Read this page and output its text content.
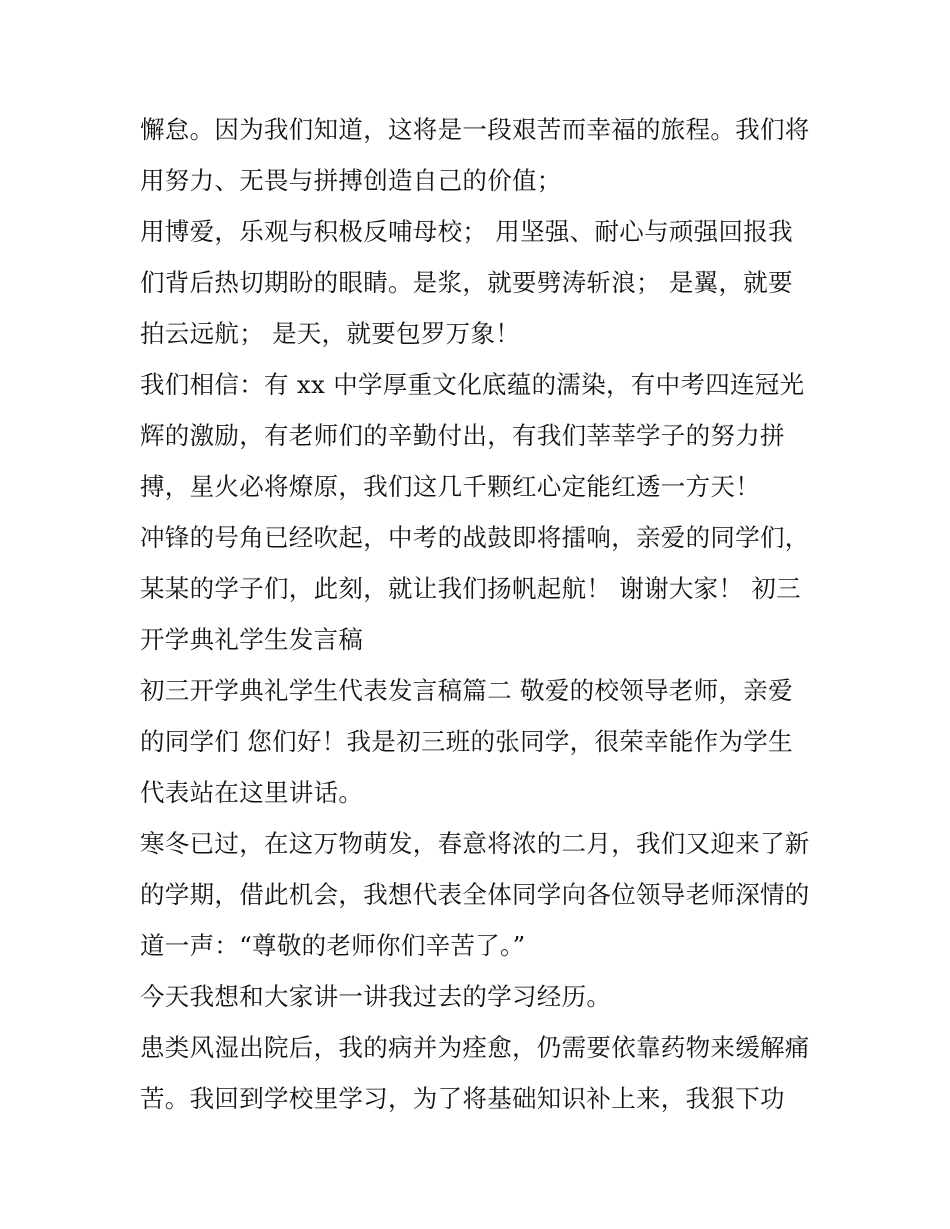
懈怠。因为我们知道，这将是一段艰苦而幸福的旅程。我们将
用努力、无畏与拼搏创造自己的价值；
用博爱，乐观与积极反哺母校； 用坚强、耐心与顽强回报我
们背后热切期盼的眼睛。是浆，就要劈涛斩浪； 是翼，就要
拍云远航； 是天，就要包罗万象！
我们相信：有 xx 中学厚重文化底蕴的濡染，有中考四连冠光
辉的激励，有老师们的辛勤付出，有我们莘莘学子的努力拼
搏，星火必将燎原，我们这几千颗红心定能红透一方天！
冲锋的号角已经吹起，中考的战鼓即将擂响，亲爱的同学们，
某某的学子们，此刻，就让我们扬帆起航！ 谢谢大家！ 初三
开学典礼学生发言稿
初三开学典礼学生代表发言稿篇二 敬爱的校领导老师，亲爱
的同学们 您们好！我是初三班的张同学，很荣幸能作为学生
代表站在这里讲话。
寒冬已过，在这万物萌发，春意将浓的二月，我们又迎来了新
的学期，借此机会，我想代表全体同学向各位领导老师深情的
道一声：“尊敬的老师你们辛苦了。”
今天我想和大家讲一讲我过去的学习经历。
患类风湿出院后，我的病并为痊愈，仍需要依靠药物来缓解痛
苦。我回到学校里学习，为了将基础知识补上来，我狠下功
